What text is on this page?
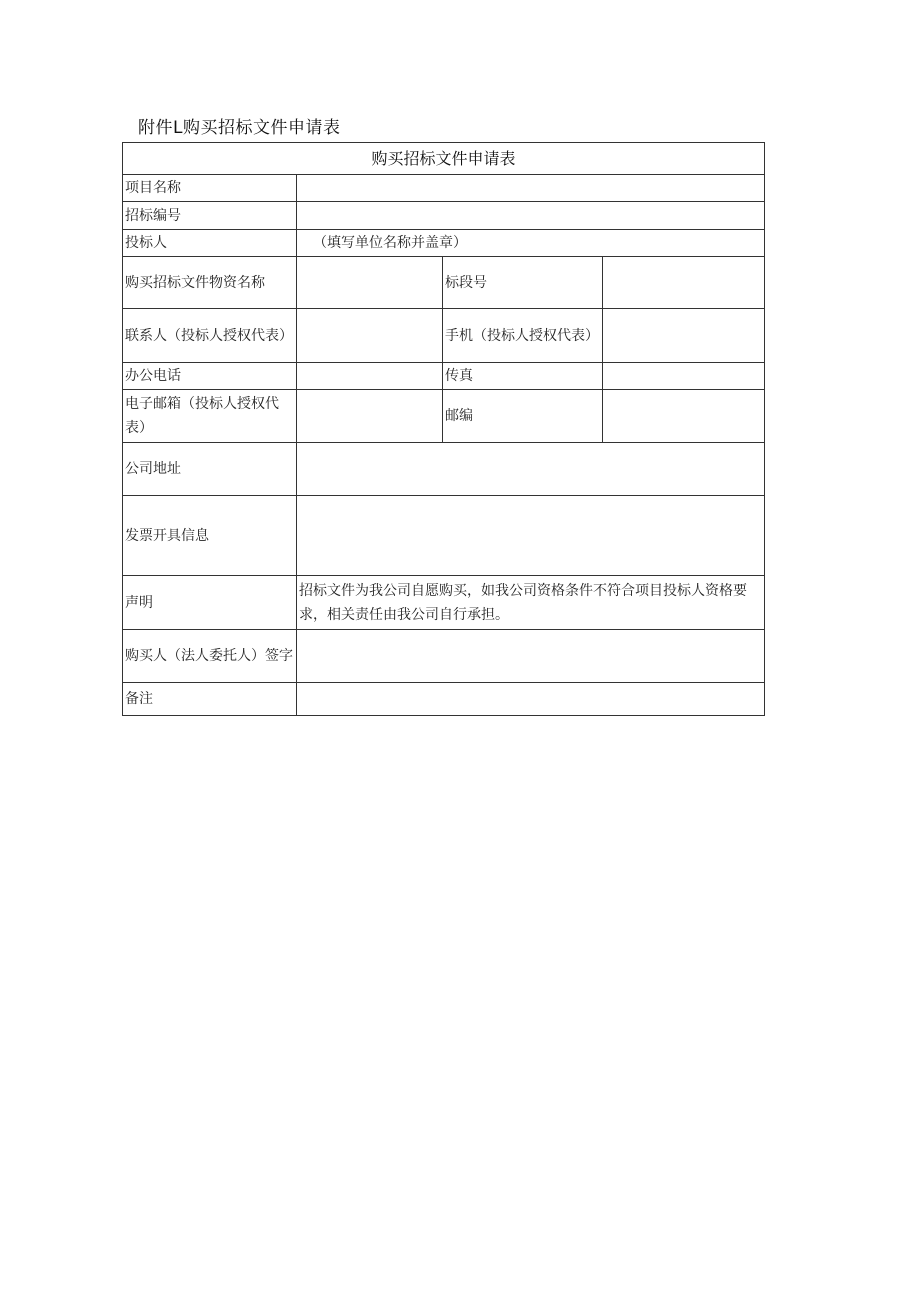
附件L购买招标文件申请表
购买招标文件申请表			
项目名称			
招标编号			
投标人	（填写单位名称并盖章）		
购买招标文件物资名称		标段号	
联系人（投标人授权代表）		手机（投标人授权代表）	
办公电话		传真	
电子邮箱（投标人授权代表）		邮编	
公司地址			
发票开具信息			
声明	招标文件为我公司自愿购买，如我公司资格条件不符合项目投标人资格要求，相关责任由我公司自行承担。		
购买人（法人委托人）签字			
备注			
